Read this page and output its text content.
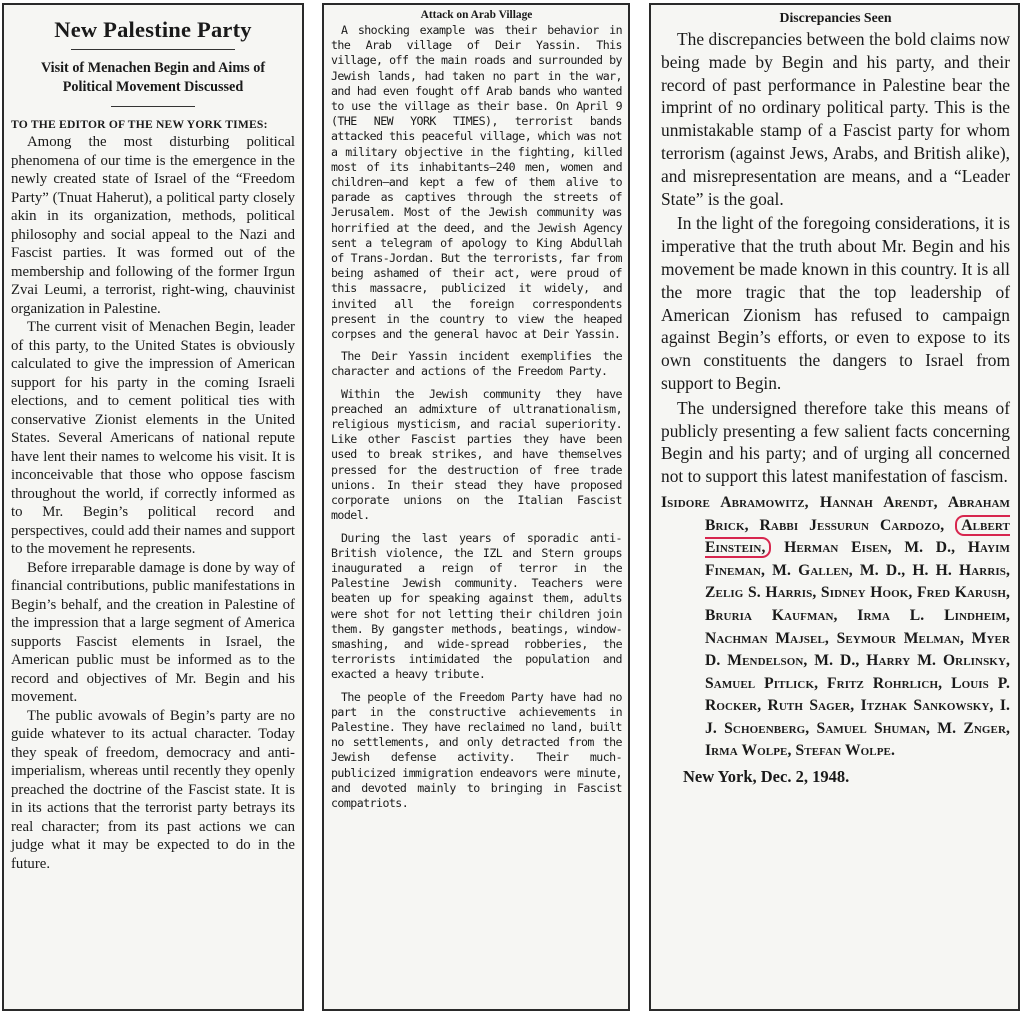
New Palestine Party
Visit of Menachen Begin and Aims of
Political Movement Discussed
TO THE EDITOR OF THE NEW YORK TIMES:

Among the most disturbing political phenomena of our time is the emergence in the newly created state of Israel of the “Freedom Party” (Tnuat Haherut), a political party closely akin in its organization, methods, political philosophy and social appeal to the Nazi and Fascist parties. It was formed out of the membership and following of the former Irgun Zvai Leumi, a terrorist, right-wing, chauvinist organization in Palestine.

The current visit of Menachen Begin, leader of this party, to the United States is obviously calculated to give the impression of American support for his party in the coming Israeli elections, and to cement political ties with conservative Zionist elements in the United States. Several Americans of national repute have lent their names to welcome his visit. It is inconceivable that those who oppose fascism throughout the world, if correctly informed as to Mr. Begin’s political record and perspectives, could add their names and support to the movement he represents.

Before irreparable damage is done by way of financial contributions, public manifestations in Begin’s behalf, and the creation in Palestine of the impression that a large segment of America supports Fascist elements in Israel, the American public must be informed as to the record and objectives of Mr. Begin and his movement.

The public avowals of Begin’s party are no guide whatever to its actual character. Today they speak of freedom, democracy and anti-imperialism, whereas until recently they openly preached the doctrine of the Fascist state. It is in its actions that the terrorist party betrays its real character; from its past actions we can judge what it may be expected to do in the future.

Attack on Arab Village

A shocking example was their behavior in the Arab village of Deir Yassin. This village, off the main roads and surrounded by Jewish lands, had taken no part in the war, and had even fought off Arab bands who wanted to use the village as their base. On April 9 (THE NEW YORK TIMES), terrorist bands attacked this peaceful village, which was not a military objective in the fighting, killed most of its inhabitants—240 men, women and children—and kept a few of them alive to parade as captives through the streets of Jerusalem. Most of the Jewish community was horrified at the deed, and the Jewish Agency sent a telegram of apology to King Abdullah of Trans-Jordan. But the terrorists, far from being ashamed of their act, were proud of this massacre, publicized it widely, and invited all the foreign correspondents present in the country to view the heaped corpses and the general havoc at Deir Yassin.

The Deir Yassin incident exemplifies the character and actions of the Freedom Party.

Within the Jewish community they have preached an admixture of ultranationalism, religious mysticism, and racial superiority. Like other Fascist parties they have been used to break strikes, and have themselves pressed for the destruction of free trade unions. In their stead they have proposed corporate unions on the Italian Fascist model.

During the last years of sporadic anti-British violence, the IZL and Stern groups inaugurated a reign of terror in the Palestine Jewish community. Teachers were beaten up for speaking against them, adults were shot for not letting their children join them. By gangster methods, beatings, window-smashing, and wide-spread robberies, the terrorists intimidated the population and exacted a heavy tribute.

The people of the Freedom Party have had no part in the constructive achievements in Palestine. They have reclaimed no land, built no settlements, and only detracted from the Jewish defense activity. Their much-publicized immigration endeavors were minute, and devoted mainly to bringing in Fascist compatriots.

Discrepancies Seen

The discrepancies between the bold claims now being made by Begin and his party, and their record of past performance in Palestine bear the imprint of no ordinary political party. This is the unmistakable stamp of a Fascist party for whom terrorism (against Jews, Arabs, and British alike), and misrepresentation are means, and a “Leader State” is the goal.

In the light of the foregoing considerations, it is imperative that the truth about Mr. Begin and his movement be made known in this country. It is all the more tragic that the top leadership of American Zionism has refused to campaign against Begin’s efforts, or even to expose to its own constituents the dangers to Israel from support to Begin.

The undersigned therefore take this means of publicly presenting a few salient facts concerning Begin and his party; and of urging all concerned not to support this latest manifestation of fascism.

Isidore Abramowitz, Hannah Arendt, Abraham Brick, Rabbi Jessurun Cardozo, Albert Einstein, Herman Eisen, M. D., Hayim Fineman, M. Gallen, M. D., H. H. Harris, Zelig S. Harris, Sidney Hook, Fred Karush, Bruria Kaufman, Irma L. Lindheim, Nachman Majsel, Seymour Melman, Myer D. Mendelson, M. D., Harry M. Orlinsky, Samuel Pitlick, Fritz Rohrlich, Louis P. Rocker, Ruth Sager, Itzhak Sankowsky, I. J. Schoenberg, Samuel Shuman, M. Znger, Irma Wolpe, Stefan Wolpe.
New York, Dec. 2, 1948.
